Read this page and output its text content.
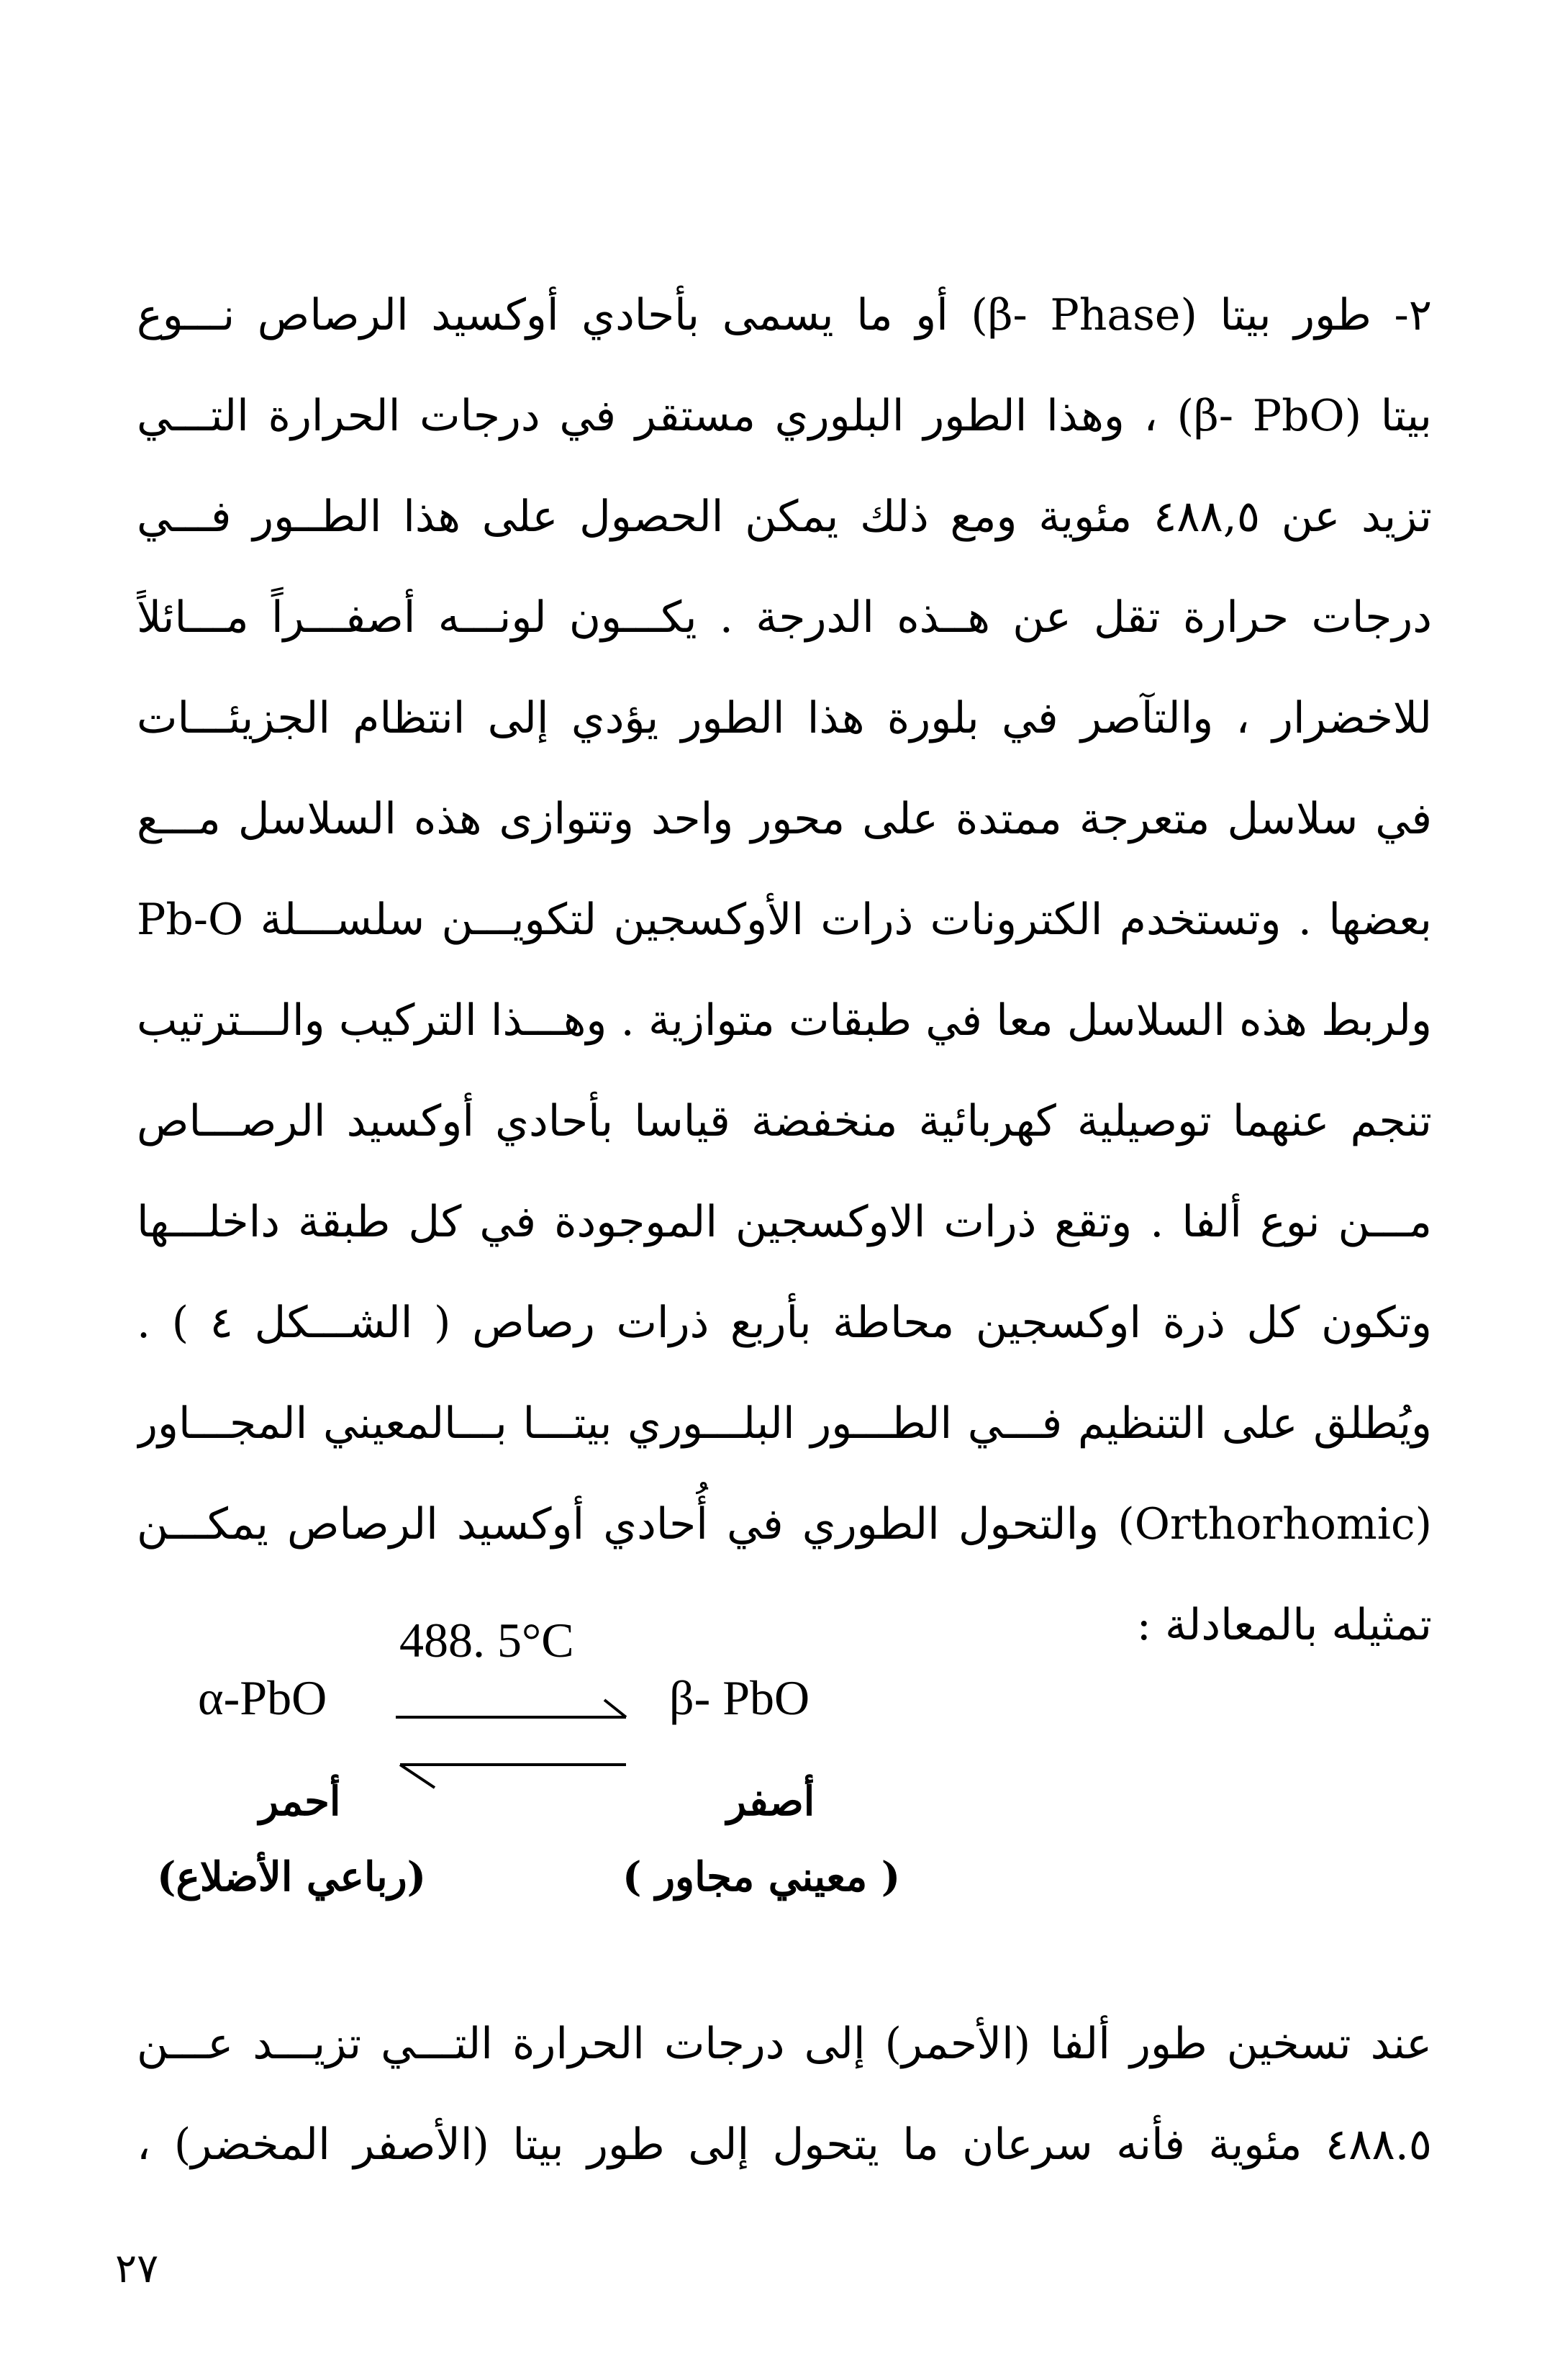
٢- طور بيتا (β- Phase) أو ما يسمى بأحادي أوكسيد الرصاص نـــوع
بيتا (β- PbO) ، وهذا الطور البلوري مستقر في درجات الحرارة التـــي
تزيد عن ٤٨٨,٥ مئوية ومع ذلك يمكن الحصول على هذا الطــور فـــي
درجات حرارة تقل عن هــذه الدرجة . يكـــون لونـــه أصفـــراً مـــائلاً
للاخضرار ، والتآصر في بلورة هذا الطور يؤدي إلى انتظام الجزيئـــات
في سلاسل متعرجة ممتدة على محور واحد وتتوازى هذه السلاسل مـــع
بعضها . وتستخدم الكترونات ذرات الأوكسجين لتكويـــن سلســـلة Pb-O
ولربط هذه السلاسل معا في طبقات متوازية . وهـــذا التركيب والـــترتيب
تنجم عنهما توصيلية كهربائية منخفضة قياسا بأحادي أوكسيد الرصـــاص
مـــن نوع ألفا . وتقع ذرات الاوكسجين الموجودة في كل طبقة داخلـــها
وتكون كل ذرة اوكسجين محاطة بأربع ذرات رصاص ( الشـــكل ٤ ) .
ويُطلق على التنظيم فـــي الطـــور البلـــوري بيتـــا بـــالمعيني المجـــاور
(Orthorhomic) والتحول الطوري في أُحادي أوكسيد الرصاص يمكـــن
تمثيله بالمعادلة :
488. 5°C
α-PbO	β- PbO
أحمر	أصفر
(رباعي الأضلاع)	( معيني مجاور )
عند تسخين طور ألفا (الأحمر) إلى درجات الحرارة التـــي تزيـــد عـــن
٤٨٨.٥ مئوية فأنه سرعان ما يتحول إلى طور بيتا (الأصفر المخضر) ،
٢٧
